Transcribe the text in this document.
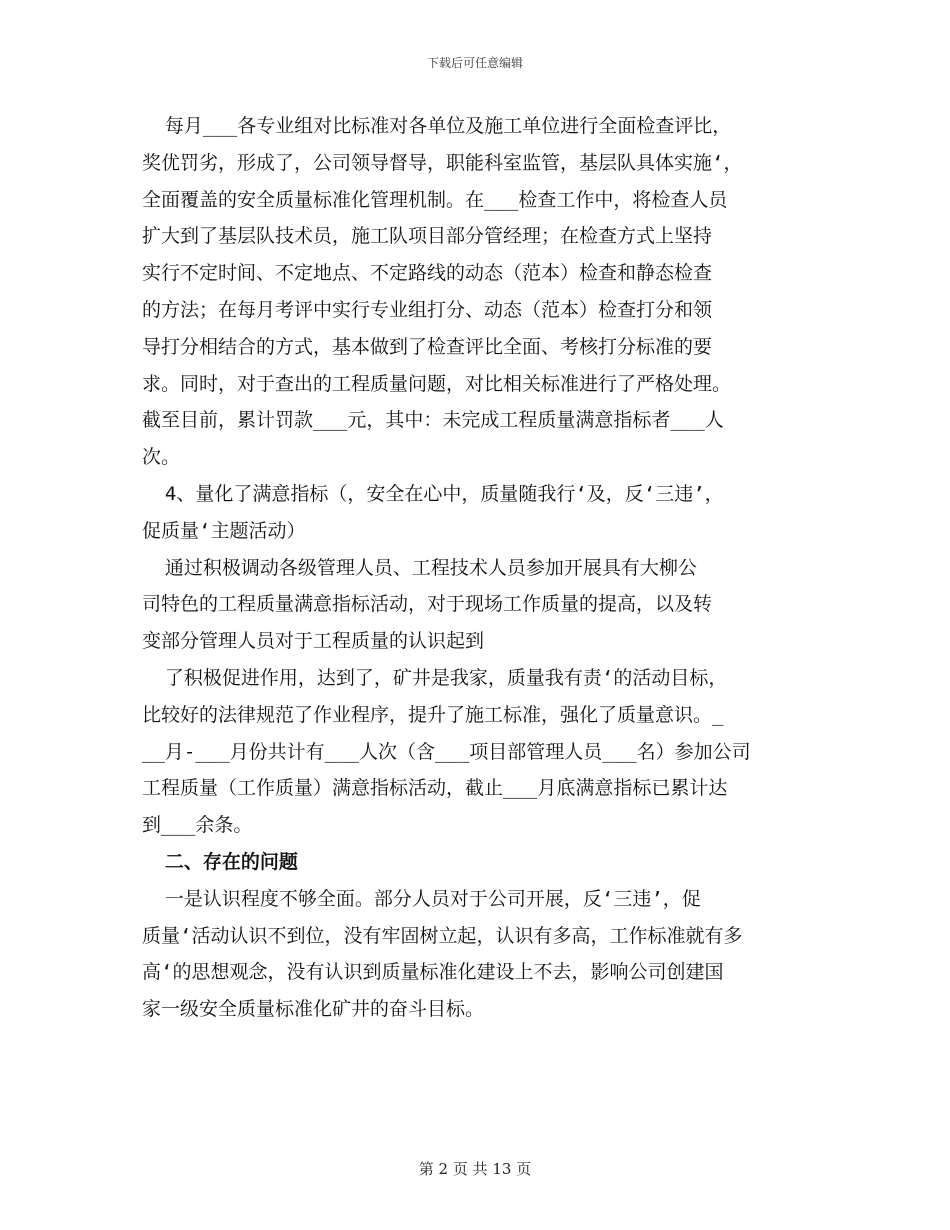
下载后可任意编辑
每月___各专业组对比标准对各单位及施工单位进行全面检查评比，
奖优罚劣，形成了，公司领导督导，职能科室监管，基层队具体实施‘，
全面覆盖的安全质量标准化管理机制。在___检查工作中，将检查人员
扩大到了基层队技术员，施工队项目部分管经理；在检查方式上坚持
实行不定时间、不定地点、不定路线的动态（范本）检查和静态检查
的方法；在每月考评中实行专业组打分、动态（范本）检查打分和领
导打分相结合的方式，基本做到了检查评比全面、考核打分标准的要
求。同时，对于查出的工程质量问题，对比相关标准进行了严格处理。
截至目前，累计罚款___元，其中：未完成工程质量满意指标者___人
次。
4、量化了满意指标（，安全在心中，质量随我行‘及，反‘三违’，
促质量‘主题活动）
通过积极调动各级管理人员、工程技术人员参加开展具有大柳公
司特色的工程质量满意指标活动，对于现场工作质量的提高，以及转
变部分管理人员对于工程质量的认识起到
了积极促进作用，达到了，矿井是我家，质量我有责‘的活动目标，
比较好的法律规范了作业程序，提升了施工标准，强化了质量意识。_
__月-___月份共计有___人次（含___项目部管理人员___名）参加公司
工程质量（工作质量）满意指标活动，截止___月底满意指标已累计达
到___余条。
二、存在的问题
一是认识程度不够全面。部分人员对于公司开展，反‘三违’，促
质量‘活动认识不到位，没有牢固树立起，认识有多高，工作标准就有多
高‘的思想观念，没有认识到质量标准化建设上不去，影响公司创建国
家一级安全质量标准化矿井的奋斗目标。
第 2 页 共 13 页
